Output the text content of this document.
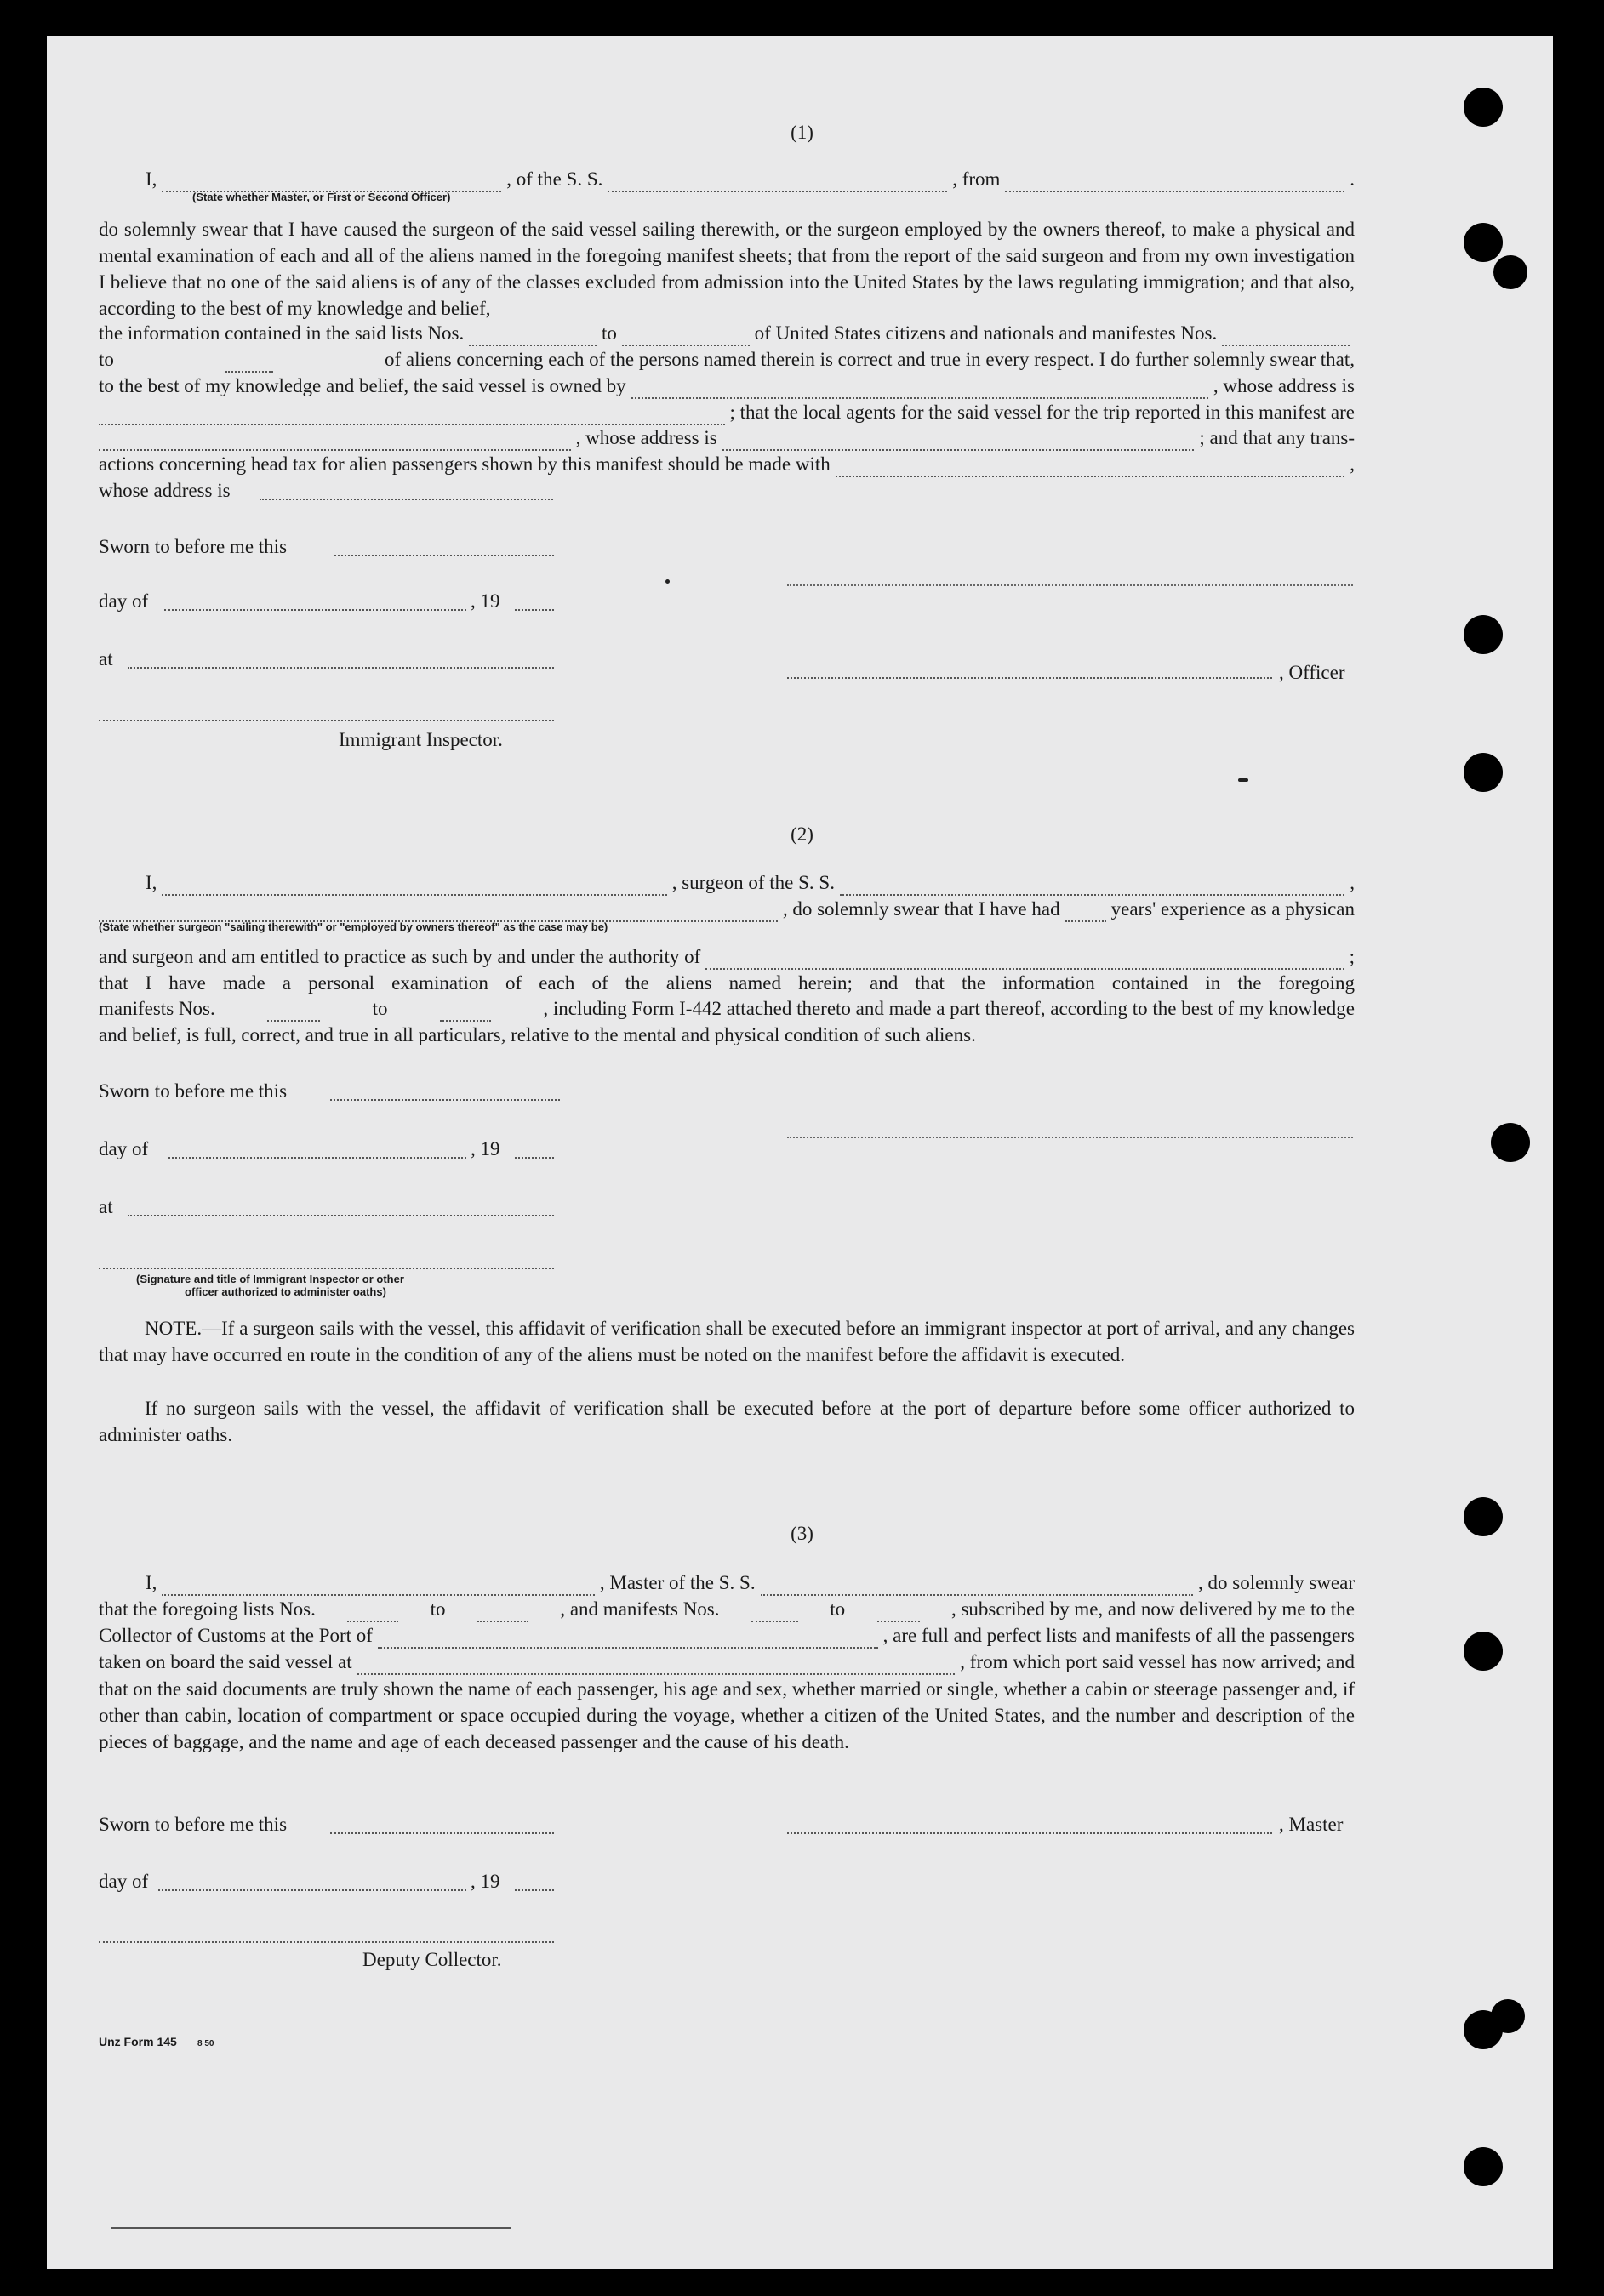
(1)
I,	, of the S. S.	, from	.
(State whether Master, or First or Second Officer)
do solemnly swear that I have caused the surgeon of the said vessel sailing therewith, or the surgeon employed by the owners thereof, to make a physical and mental examination of each and all of the aliens named in the foregoing manifest sheets; that from the report of the said surgeon and from my own investigation I believe that no one of the said aliens is of any of the classes excluded from admission into the United States by the laws regulating immigration; and that also, according to the best of my knowledge and belief,
the information contained in the said lists Nos.	to	of United States citizens and nationals and manifestes Nos.
to	of aliens concerning each of the persons named therein is correct and true in every respect. I do further solemnly swear that,
to the best of my knowledge and belief, the said vessel is owned by	, whose address is
; that the local agents for the said vessel for the trip reported in this manifest are
, whose address is	; and that any trans-
actions concerning head tax for alien passengers shown by this manifest should be made with	,
whose address is
Sworn to before me this
day of	, 19
at
, Officer
Immigrant Inspector.
(2)
I,	, surgeon of the S. S.	,
, do solemnly swear that I have had	years' experience as a physican
(State whether surgeon "sailing therewith" or "employed by owners thereof" as the case may be)
and surgeon and am entitled to practice as such by and under the authority of	;
that I have made a personal examination of each of the aliens named herein; and that the information contained in the foregoing
manifests Nos.	to	, including Form I-442 attached thereto and made a part thereof, according to the best of my knowledge
and belief, is full, correct, and true in all particulars, relative to the mental and physical condition of such aliens.
Sworn to before me this
day of	, 19
at
(Signature and title of Immigrant Inspector or other
officer authorized to administer oaths)
NOTE.—If a surgeon sails with the vessel, this affidavit of verification shall be executed before an immigrant inspector at port of arrival, and any changes that may have occurred en route in the condition of any of the aliens must be noted on the manifest before the affidavit is executed.
If no surgeon sails with the vessel, the affidavit of verification shall be executed before at the port of departure before some officer authorized to administer oaths.
(3)
I,	, Master of the S. S.	, do solemnly swear
that the foregoing lists Nos.	to	, and manifests Nos.	to	, subscribed by me, and now delivered by me to the
Collector of Customs at the Port of	, are full and perfect lists and manifests of all the passengers
taken on board the said vessel at	, from which port said vessel has now arrived; and
that on the said documents are truly shown the name of each passenger, his age and sex, whether married or single, whether a cabin or steerage passenger and, if other than cabin, location of compartment or space occupied during the voyage, whether a citizen of the United States, and the number and description of the pieces of baggage, and the name and age of each deceased passenger and the cause of his death.
Sworn to before me this	, Master
day of	, 19
Deputy Collector.
Unz Form 145 8 50
